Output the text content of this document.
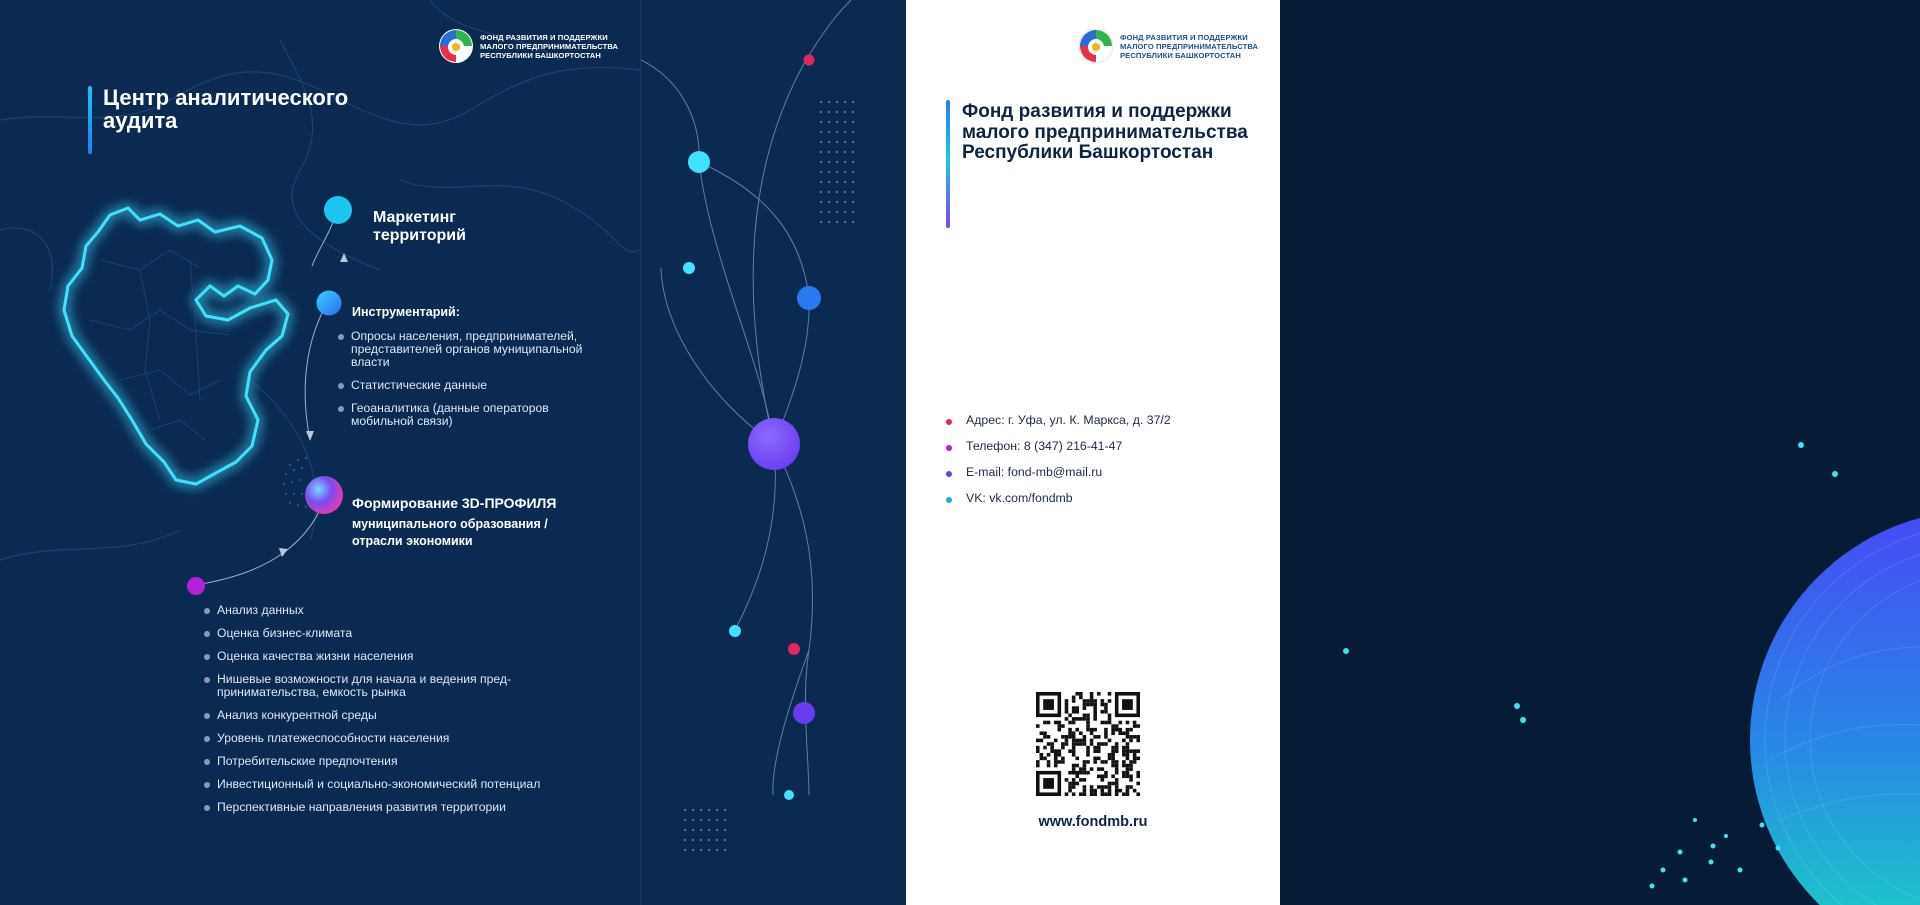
ФОНД РАЗВИТИЯ И ПОДДЕРЖКИ
МАЛОГО ПРЕДПРИНИМАТЕЛЬСТВА
РЕСПУБЛИКИ БАШКОРТОСТАН
Центр аналитического аудита
Маркетинг территорий
Инструментарий:
Опросы населения, предпринимателей, представителей органов муниципальной власти
Статистические данные
Геоаналитика (данные операторов мобильной связи)
Формирование 3D-ПРОФИЛЯ
муниципального образования /отрасли экономики
Анализ данных
Оценка бизнес-климата
Оценка качества жизни населения
Нишевые возможности для начала и ведения пред-принимательства, емкость рынка
Анализ конкурентной среды
Уровень платежеспособности населения
Потребительские предпочтения
Инвестиционный и социально-экономический потенциал
Перспективные направления развития территории
ФОНД РАЗВИТИЯ И ПОДДЕРЖКИ
МАЛОГО ПРЕДПРИНИМАТЕЛЬСТВА
РЕСПУБЛИКИ БАШКОРТОСТАН
Фонд развития и поддержки малого предпринимательства Республики Башкортостан
Адрес: г. Уфа, ул. К. Маркса, д. 37/2
Телефон: 8 (347) 216-41-47
E-mail: fond-mb@mail.ru
VK: vk.com/fondmb
www.fondmb.ru
